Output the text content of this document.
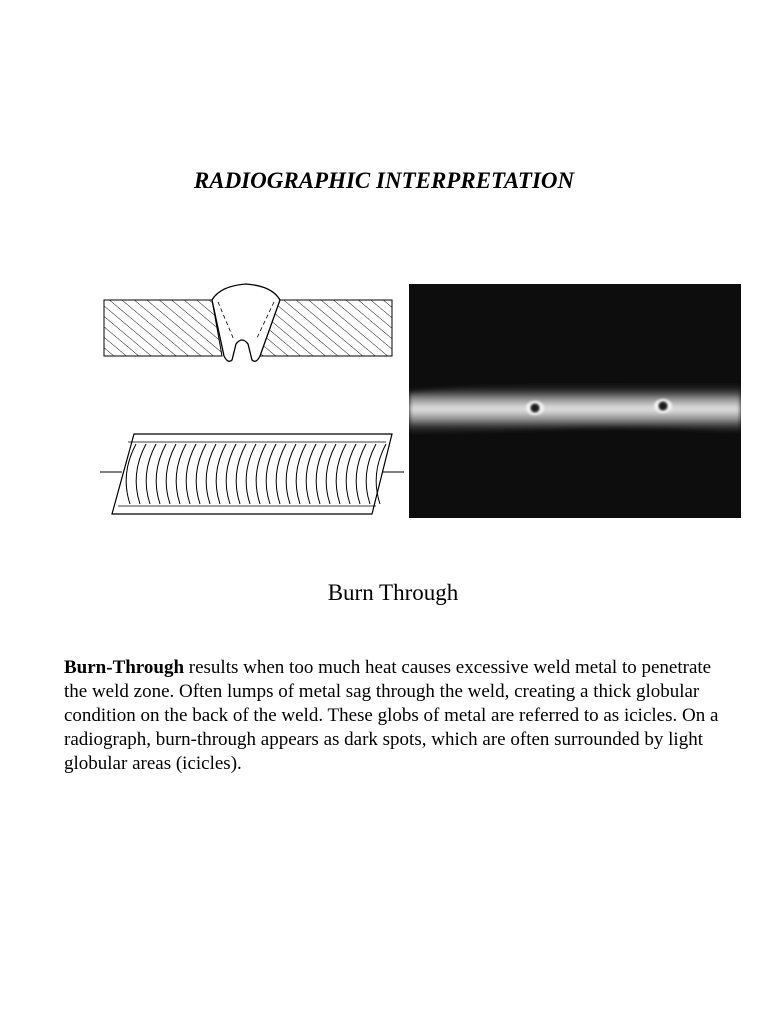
RADIOGRAPHIC INTERPRETATION

Burn Through

Burn-Through results when too much heat causes excessive weld metal to penetrate the weld zone. Often lumps of metal sag through the weld, creating a thick globular condition on the back of the weld. These globs of metal are referred to as icicles. On a radiograph, burn-through appears as dark spots, which are often surrounded by light globular areas (icicles).
